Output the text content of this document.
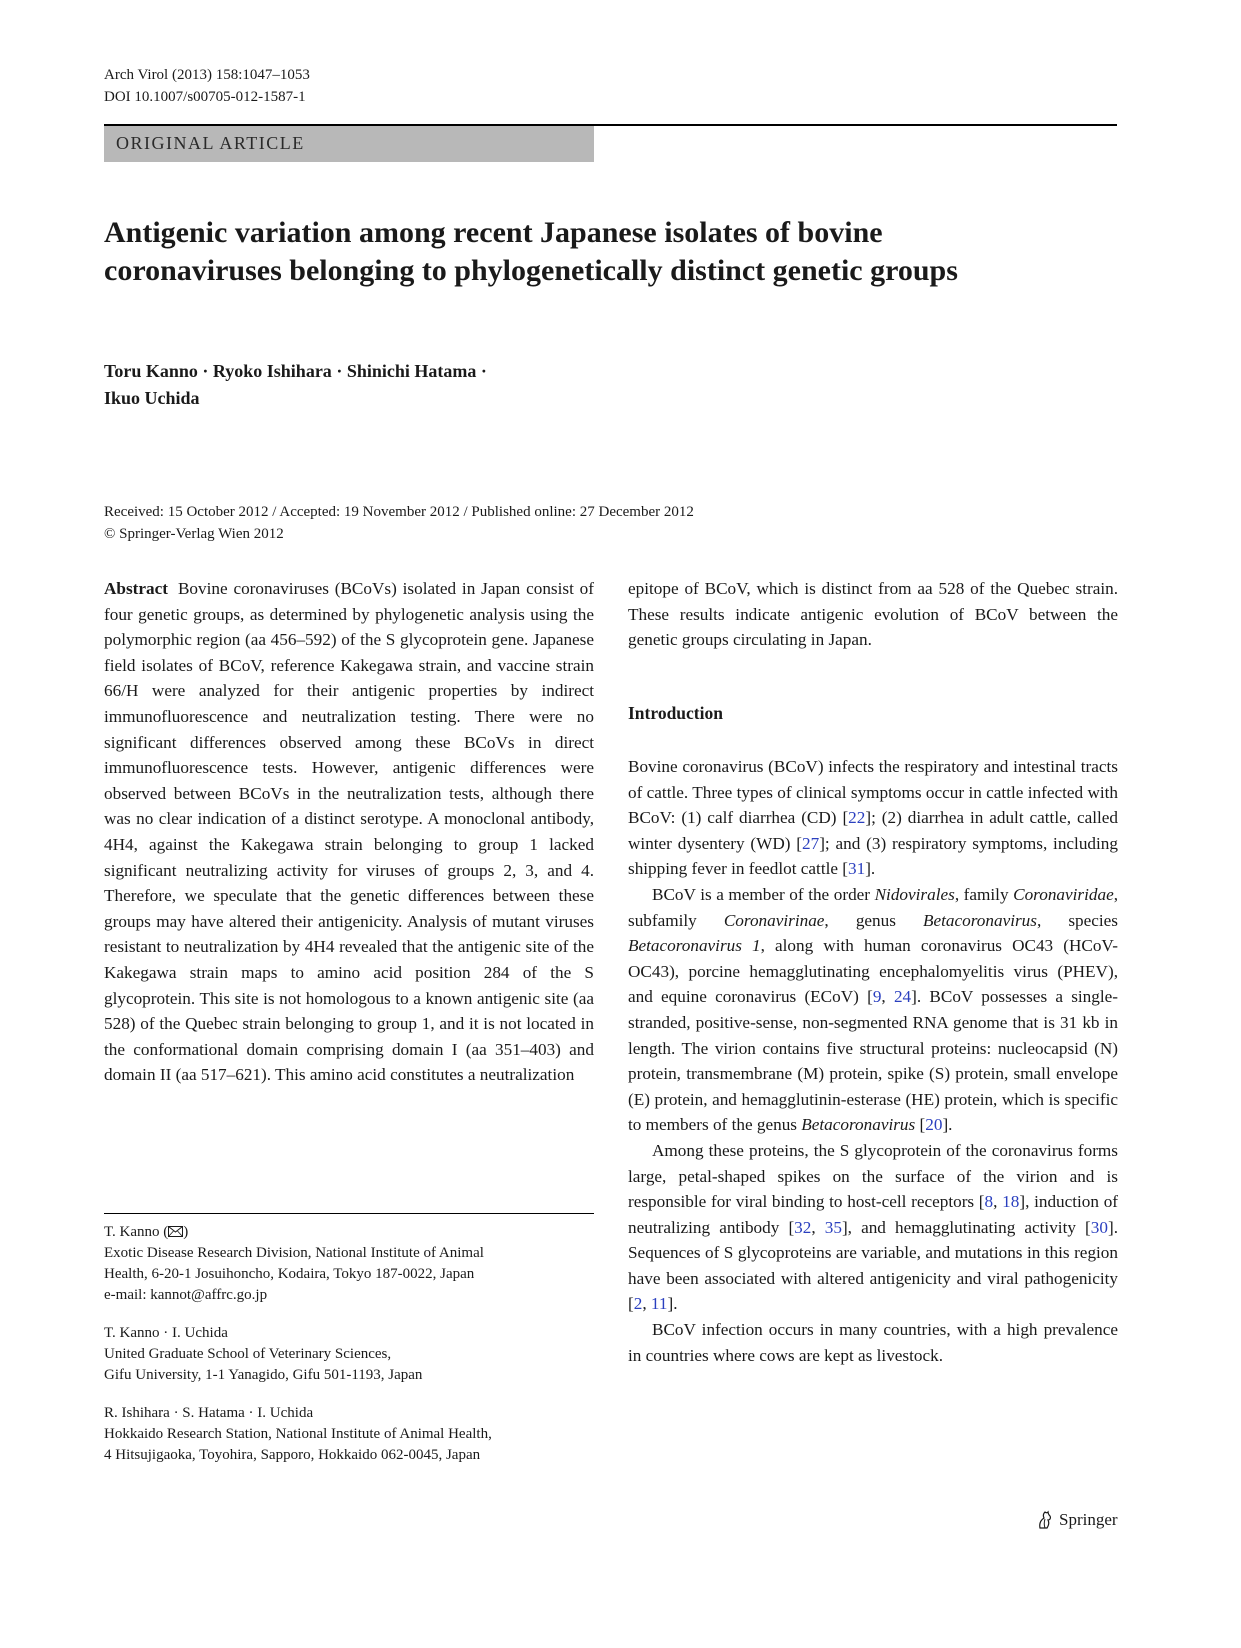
Arch Virol (2013) 158:1047–1053
DOI 10.1007/s00705-012-1587-1
ORIGINAL ARTICLE
Antigenic variation among recent Japanese isolates of bovine coronaviruses belonging to phylogenetically distinct genetic groups
Toru Kanno · Ryoko Ishihara · Shinichi Hatama ·
Ikuo Uchida
Received: 15 October 2012 / Accepted: 19 November 2012 / Published online: 27 December 2012
© Springer-Verlag Wien 2012

Abstract Bovine coronaviruses (BCoVs) isolated in Japan consist of four genetic groups, as determined by phylogenetic analysis using the polymorphic region (aa 456–592) of the S glycoprotein gene. Japanese field isolates of BCoV, reference Kakegawa strain, and vaccine strain 66/H were analyzed for their antigenic properties by indirect immunofluorescence and neutralization testing. There were no significant differences observed among these BCoVs in direct immunofluorescence tests. However, antigenic differences were observed between BCoVs in the neutralization tests, although there was no clear indication of a distinct serotype. A monoclonal antibody, 4H4, against the Kakegawa strain belonging to group 1 lacked significant neutralizing activity for viruses of groups 2, 3, and 4. Therefore, we speculate that the genetic differences between these groups may have altered their antigenicity. Analysis of mutant viruses resistant to neutralization by 4H4 revealed that the antigenic site of the Kakegawa strain maps to amino acid position 284 of the S glycoprotein. This site is not homologous to a known antigenic site (aa 528) of the Quebec strain belonging to group 1, and it is not located in the conformational domain comprising domain I (aa 351–403) and domain II (aa 517–621). This amino acid constitutes a neutralization

epitope of BCoV, which is distinct from aa 528 of the Quebec strain. These results indicate antigenic evolution of BCoV between the genetic groups circulating in Japan.

Introduction

Bovine coronavirus (BCoV) infects the respiratory and intestinal tracts of cattle. Three types of clinical symptoms occur in cattle infected with BCoV: (1) calf diarrhea (CD) [22]; (2) diarrhea in adult cattle, called winter dysentery (WD) [27]; and (3) respiratory symptoms, including shipping fever in feedlot cattle [31].

BCoV is a member of the order Nidovirales, family Coronaviridae, subfamily Coronavirinae, genus Betacoronavirus, species Betacoronavirus 1, along with human coronavirus OC43 (HCoV-OC43), porcine hemagglutinating encephalomyelitis virus (PHEV), and equine coronavirus (ECoV) [9, 24]. BCoV possesses a single-stranded, positive-sense, non-segmented RNA genome that is 31 kb in length. The virion contains five structural proteins: nucleocapsid (N) protein, transmembrane (M) protein, spike (S) protein, small envelope (E) protein, and hemagglutinin-esterase (HE) protein, which is specific to members of the genus Betacoronavirus [20].

Among these proteins, the S glycoprotein of the coronavirus forms large, petal-shaped spikes on the surface of the virion and is responsible for viral binding to host-cell receptors [8, 18], induction of neutralizing antibody [32, 35], and hemagglutinating activity [30]. Sequences of S glycoproteins are variable, and mutations in this region have been associated with altered antigenicity and viral pathogenicity [2, 11].

BCoV infection occurs in many countries, with a high prevalence in countries where cows are kept as livestock.

T. Kanno ( )
Exotic Disease Research Division, National Institute of Animal
Health, 6-20-1 Josuihoncho, Kodaira, Tokyo 187-0022, Japan
e-mail: kannot@affrc.go.jp
T. Kanno · I. Uchida
United Graduate School of Veterinary Sciences,
Gifu University, 1-1 Yanagido, Gifu 501-1193, Japan
R. Ishihara · S. Hatama · I. Uchida
Hokkaido Research Station, National Institute of Animal Health,
4 Hitsujigaoka, Toyohira, Sapporo, Hokkaido 062-0045, Japan
Springer
